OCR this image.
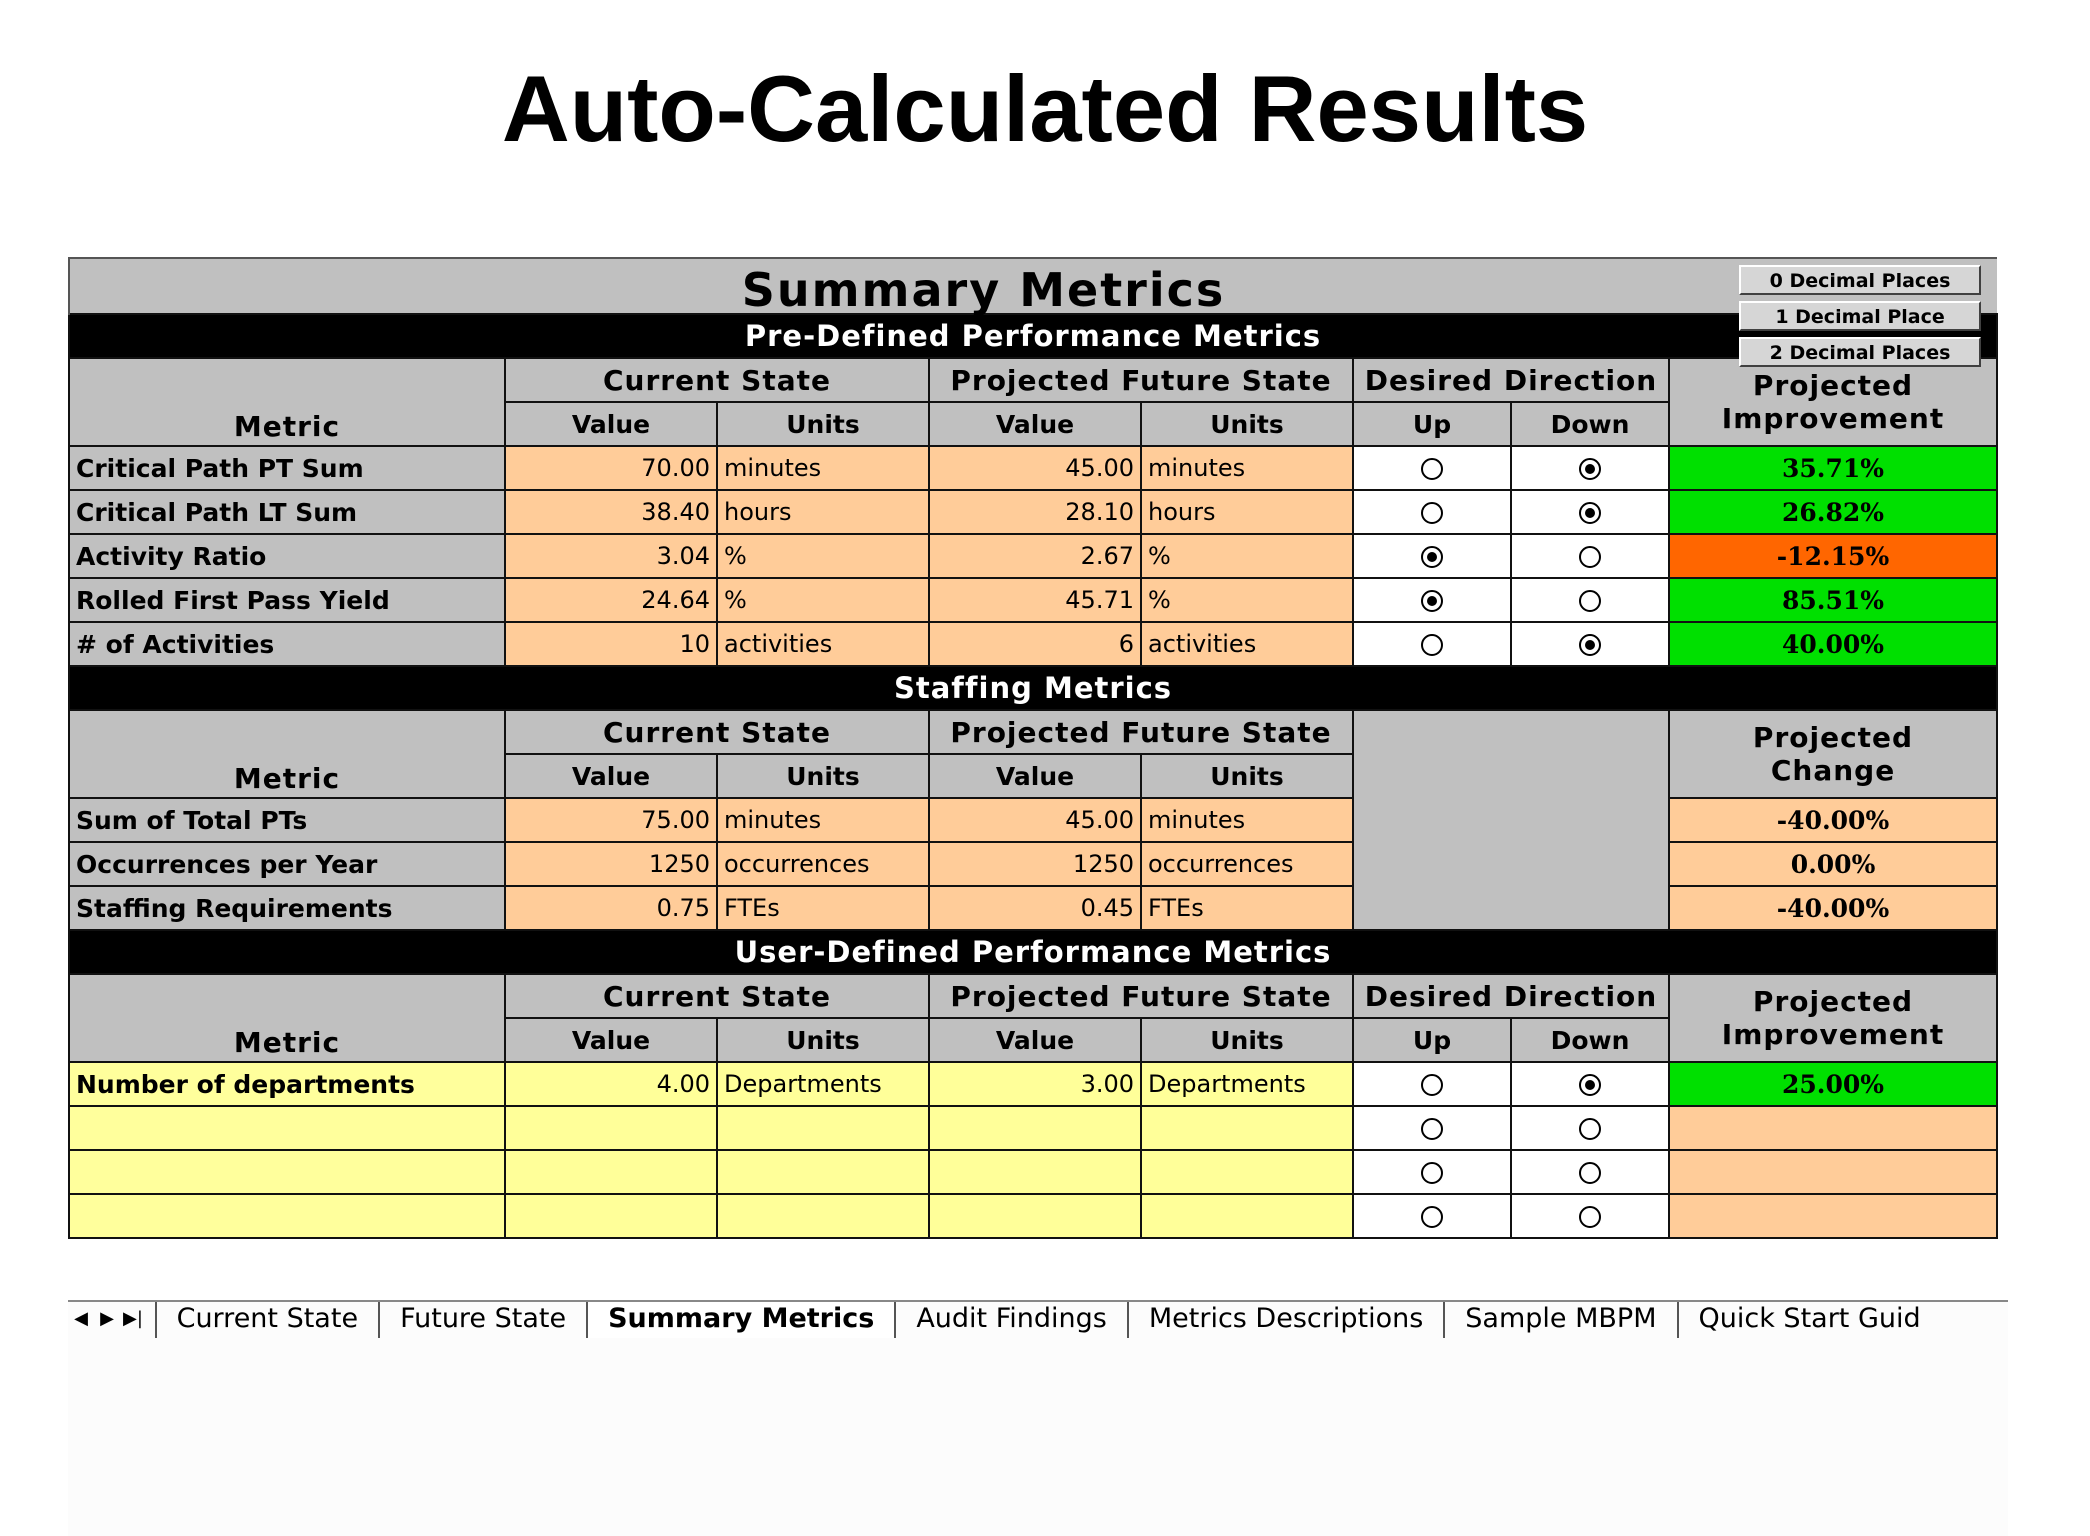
Auto-Calculated Results
Summary Metrics 0 Decimal Places
1 Decimal Place
2 Decimal Places							

Pre-Defined Performance Metrics							
Metric	Current State		Projected Future State		Desired Direction		Projected
Improvement

	Value	Units	Value	Units	Up	Down	
Critical Path PT Sum	70.00	minutes	45.00	minutes			35.71%
Critical Path LT Sum	38.40	hours	28.10	hours			26.82%
Activity Ratio	3.04	%	2.67	%			-12.15%
Rolled First Pass Yield	24.64	%	45.71	%			85.51%
# of Activities	10	activities	6	activities			40.00%
Staffing Metrics							
Metric	Current State		Projected Future State				Projected
Change

	Value	Units	Value	Units			
Sum of Total PTs	75.00	minutes	45.00	minutes			-40.00%
Occurrences per Year	1250	occurrences	1250	occurrences			0.00%
Staffing Requirements	0.75	FTEs	0.45	FTEs			-40.00%
User-Defined Performance Metrics							
Metric	Current State		Projected Future State		Desired Direction		Projected
Improvement

	Value	Units	Value	Units	Up	Down	
Number of departments	4.00	Departments	3.00	Departments			25.00%

◀ ▶ ▶| Current State Future State Summary Metrics Audit Findings Metrics Descriptions Sample MBPM Quick Start Guid
